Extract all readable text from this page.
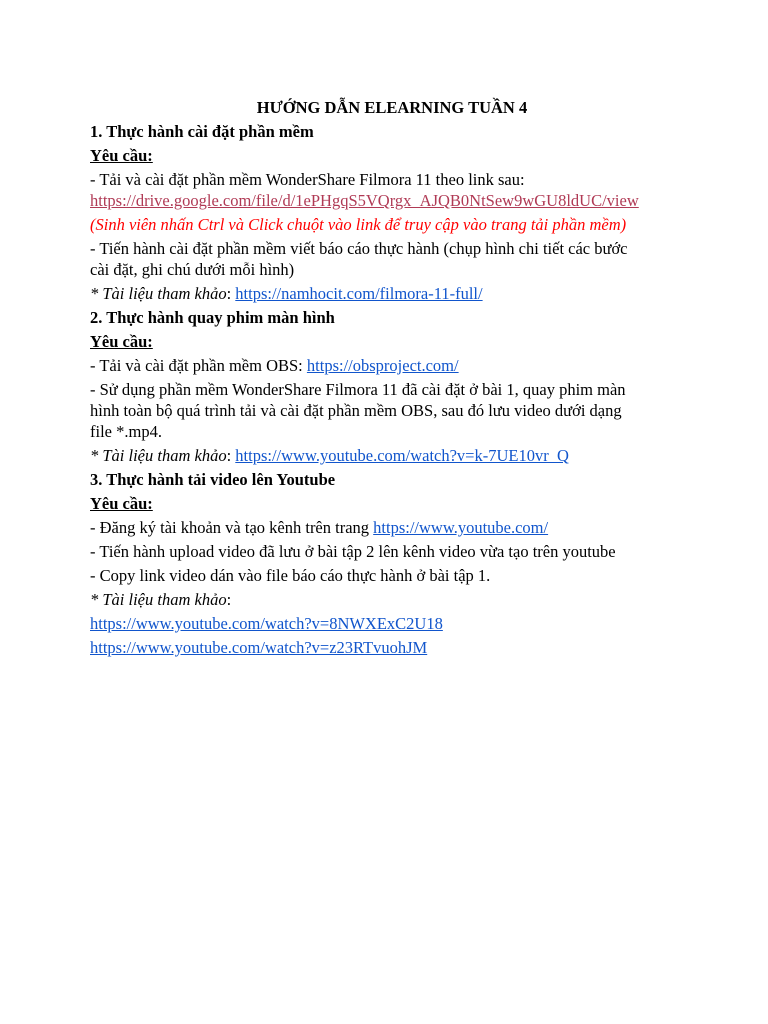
HƯỚNG DẪN ELEARNING TUẦN 4
1. Thực hành cài đặt phần mềm
Yêu cầu:
- Tải và cài đặt phần mềm WonderShare Filmora 11 theo link sau:
https://drive.google.com/file/d/1ePHgqS5VQrgx_AJQB0NtSew9wGU8ldUC/view
(Sinh viên nhấn Ctrl và Click chuột vào link để truy cập vào trang tải phần mềm)
- Tiến hành cài đặt phần mềm viết báo cáo thực hành (chụp hình chi tiết các bước
cài đặt, ghi chú dưới mỗi hình)
* Tài liệu tham khảo: https://namhocit.com/filmora-11-full/
2. Thực hành quay phim màn hình
Yêu cầu:
- Tải và cài đặt phần mềm OBS: https://obsproject.com/
- Sử dụng phần mềm WonderShare Filmora 11 đã cài đặt ở bài 1, quay phim màn
hình toàn bộ quá trình tải và cài đặt phần mềm OBS, sau đó lưu video dưới dạng
file *.mp4.
* Tài liệu tham khảo: https://www.youtube.com/watch?v=k-7UE10vr_Q
3. Thực hành tải video lên Youtube
Yêu cầu:
- Đăng ký tài khoản và tạo kênh trên trang https://www.youtube.com/
- Tiến hành upload video đã lưu ở bài tập 2 lên kênh video vừa tạo trên youtube
- Copy link video dán vào file báo cáo thực hành ở bài tập 1.
* Tài liệu tham khảo:
https://www.youtube.com/watch?v=8NWXExC2U18
https://www.youtube.com/watch?v=z23RTvuohJM
